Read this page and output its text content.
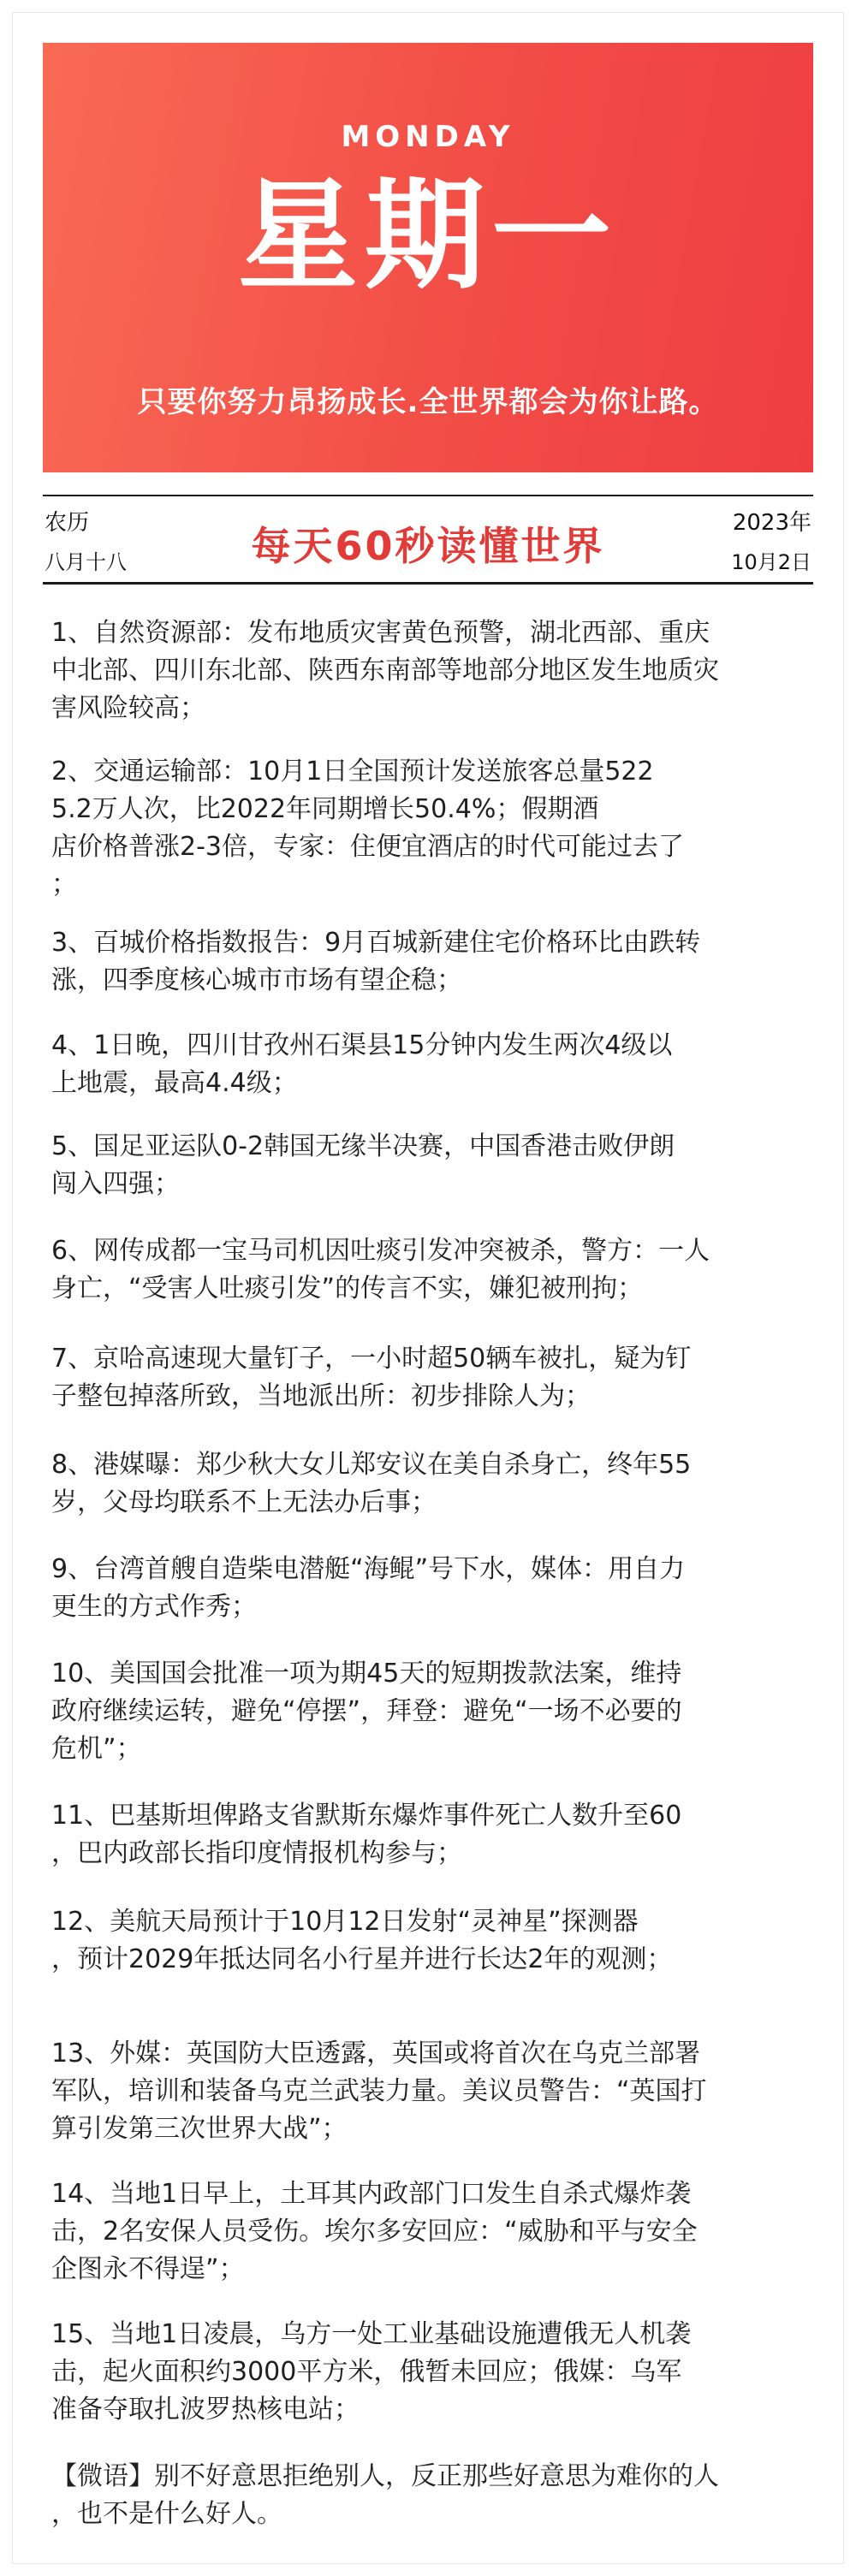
MONDAY
星期一
只要你努力昂扬成长.全世界都会为你让路。
农历
八月十八	每天60秒读懂世界	2023年
10月2日

1、自然资源部：发布地质灾害黄色预警，湖北西部、重庆
中北部、四川东北部、陕西东南部等地部分地区发生地质灾
害风险较高；

2、交通运输部：10月1日全国预计发送旅客总量522
5.2万人次，比2022年同期增长50.4%；假期酒
店价格普涨2-3倍，专家：住便宜酒店的时代可能过去了
；

3、百城价格指数报告：9月百城新建住宅价格环比由跌转
涨，四季度核心城市市场有望企稳；

4、1日晚，四川甘孜州石渠县15分钟内发生两次4级以
上地震，最高4.4级；

5、国足亚运队0-2韩国无缘半决赛，中国香港击败伊朗
闯入四强；

6、网传成都一宝马司机因吐痰引发冲突被杀，警方：一人
身亡，“受害人吐痰引发”的传言不实，嫌犯被刑拘；

7、京哈高速现大量钉子，一小时超50辆车被扎，疑为钉
子整包掉落所致，当地派出所：初步排除人为；

8、港媒曝：郑少秋大女儿郑安议在美自杀身亡，终年55
岁，父母均联系不上无法办后事；

9、台湾首艘自造柴电潜艇“海鲲”号下水，媒体：用自力
更生的方式作秀；

10、美国国会批准一项为期45天的短期拨款法案，维持
政府继续运转，避免“停摆”，拜登：避免“一场不必要的
危机”；

11、巴基斯坦俾路支省默斯东爆炸事件死亡人数升至60
，巴内政部长指印度情报机构参与；

12、美航天局预计于10月12日发射“灵神星”探测器
，预计2029年抵达同名小行星并进行长达2年的观测；

13、外媒：英国防大臣透露，英国或将首次在乌克兰部署
军队，培训和装备乌克兰武装力量。美议员警告：“英国打
算引发第三次世界大战”；

14、当地1日早上，土耳其内政部门口发生自杀式爆炸袭
击，2名安保人员受伤。埃尔多安回应：“威胁和平与安全
企图永不得逞”；

15、当地1日凌晨，乌方一处工业基础设施遭俄无人机袭
击，起火面积约3000平方米，俄暂未回应；俄媒：乌军
准备夺取扎波罗热核电站；

【微语】别不好意思拒绝别人，反正那些好意思为难你的人
，也不是什么好人。
